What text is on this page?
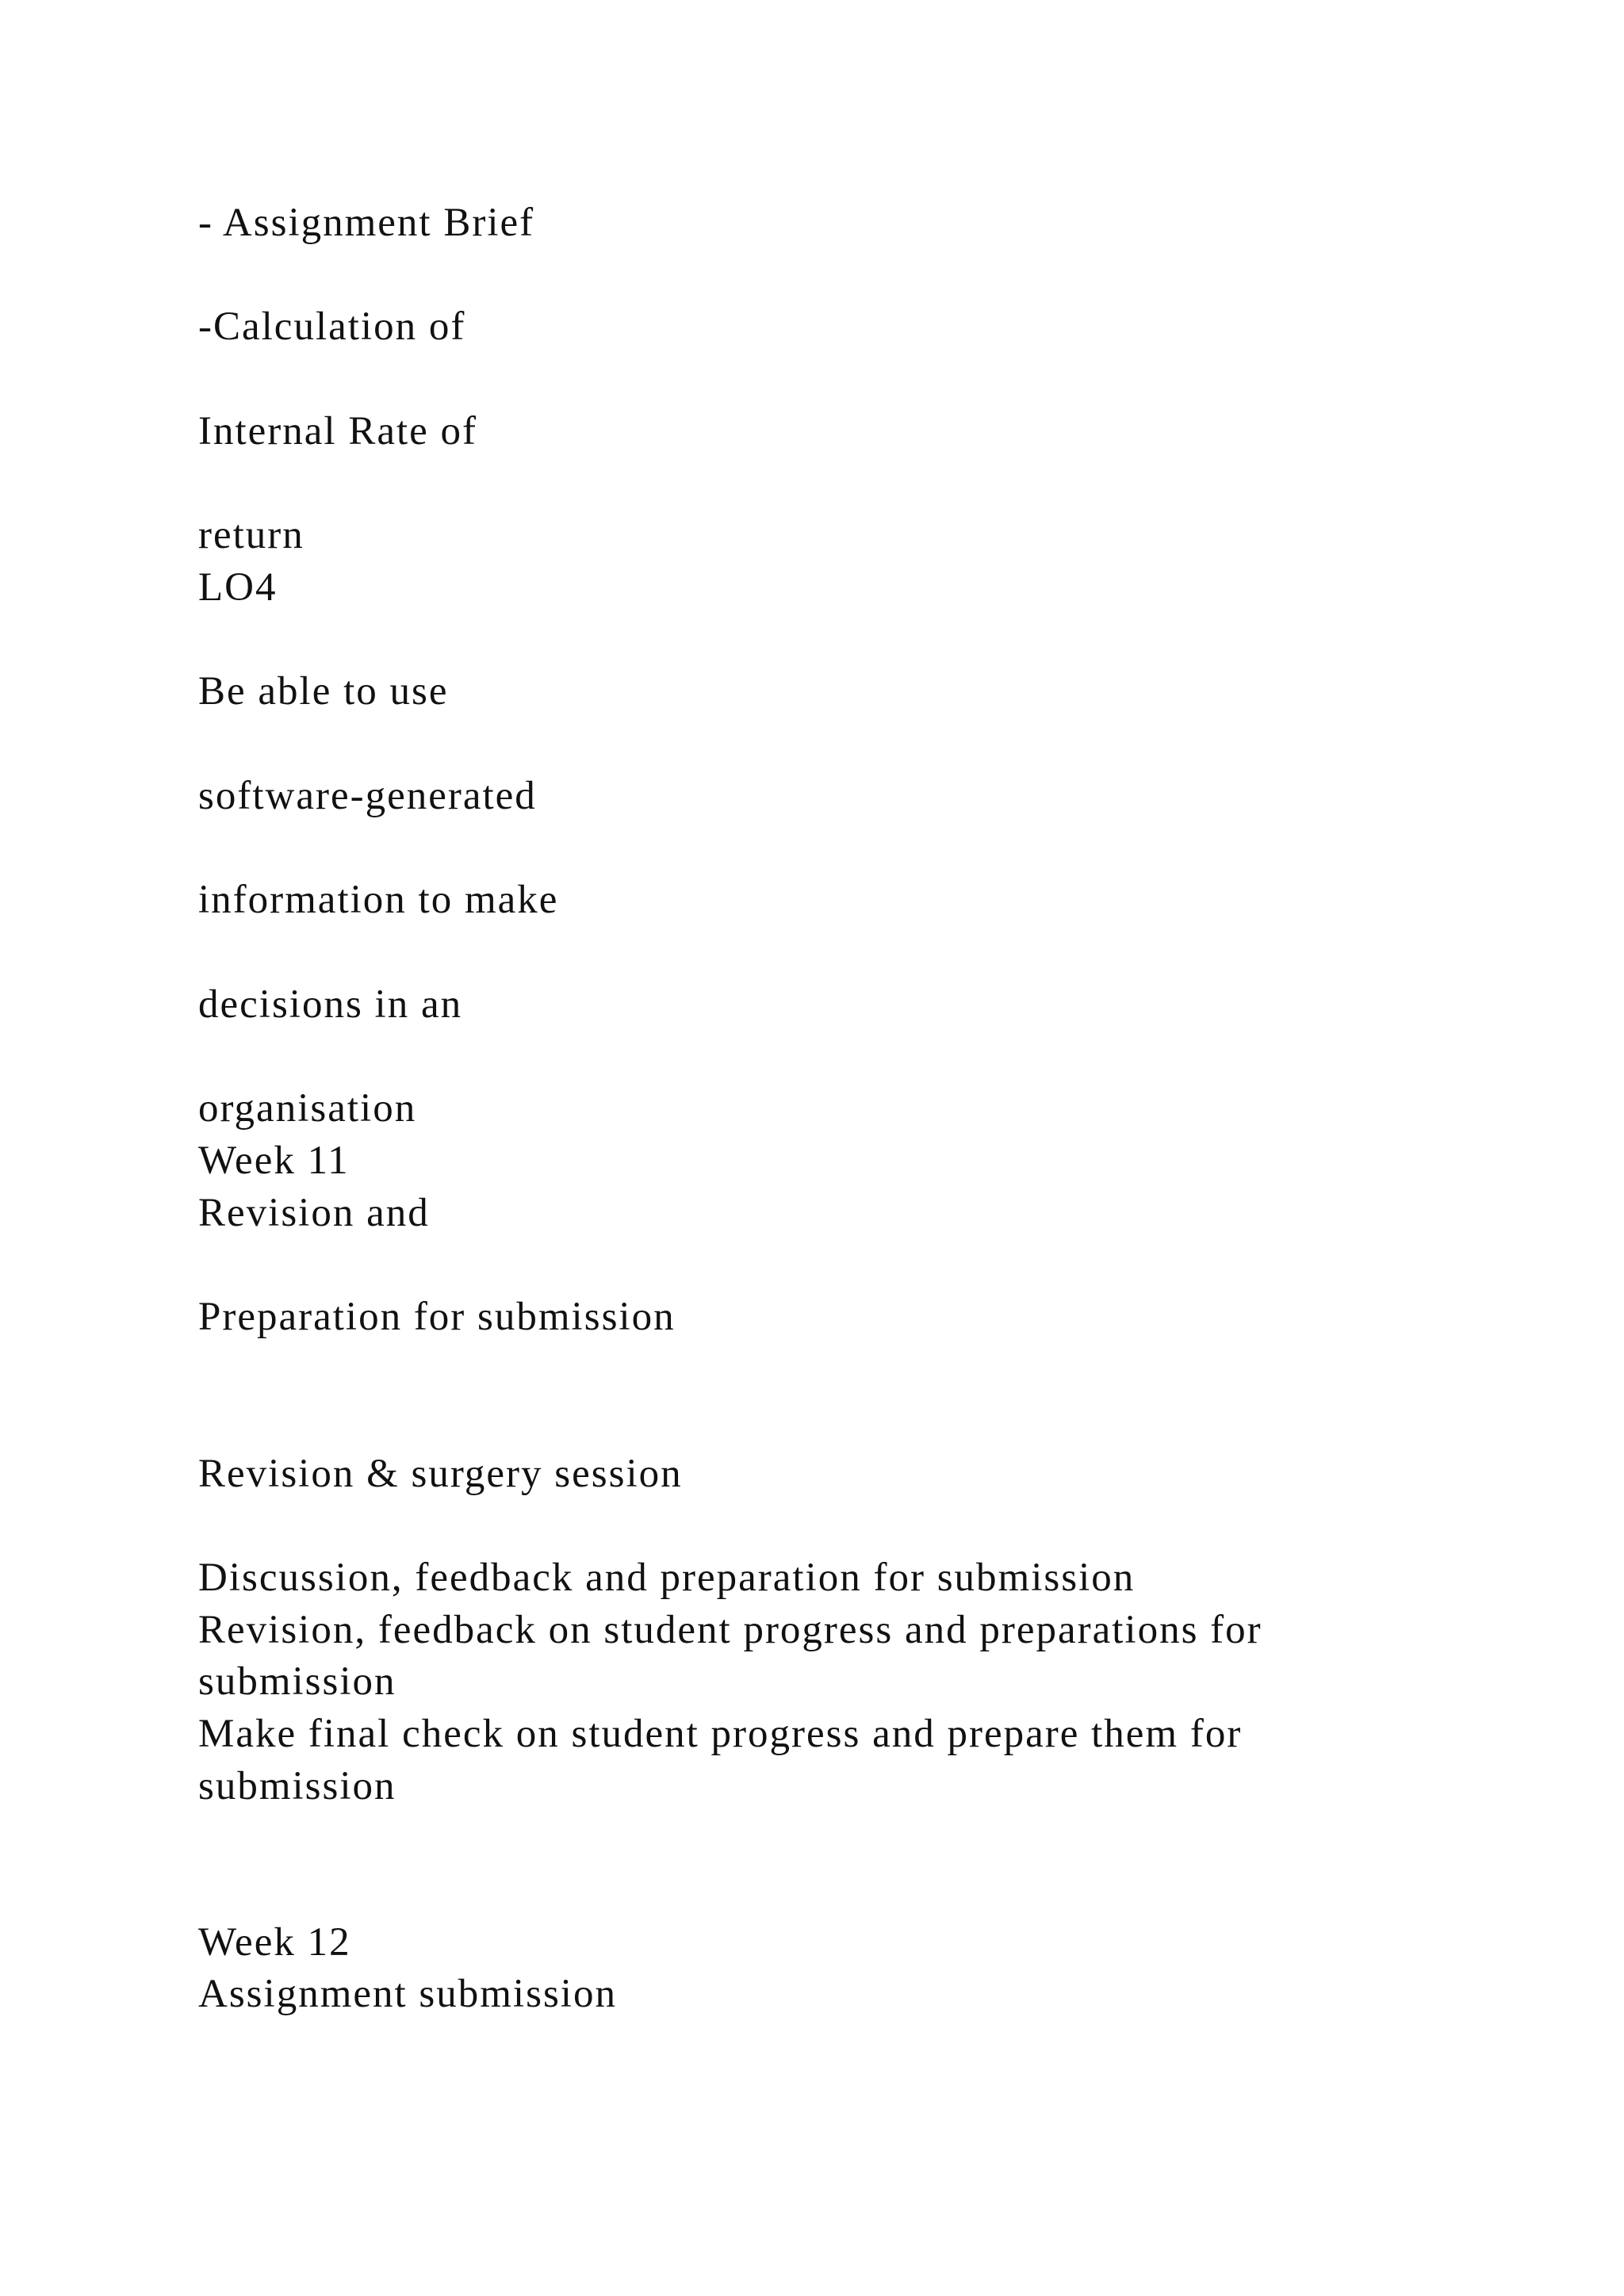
- Assignment Brief

-Calculation of

Internal Rate of

return

LO4

Be able to use

software-generated

information to make

decisions in an

organisation

Week 11

Revision and

Preparation for submission

Revision & surgery session

Discussion, feedback and preparation for submission

Revision, feedback on student progress and preparations for

submission

Make final check on student progress and prepare them for

submission

Week 12

Assignment submission
